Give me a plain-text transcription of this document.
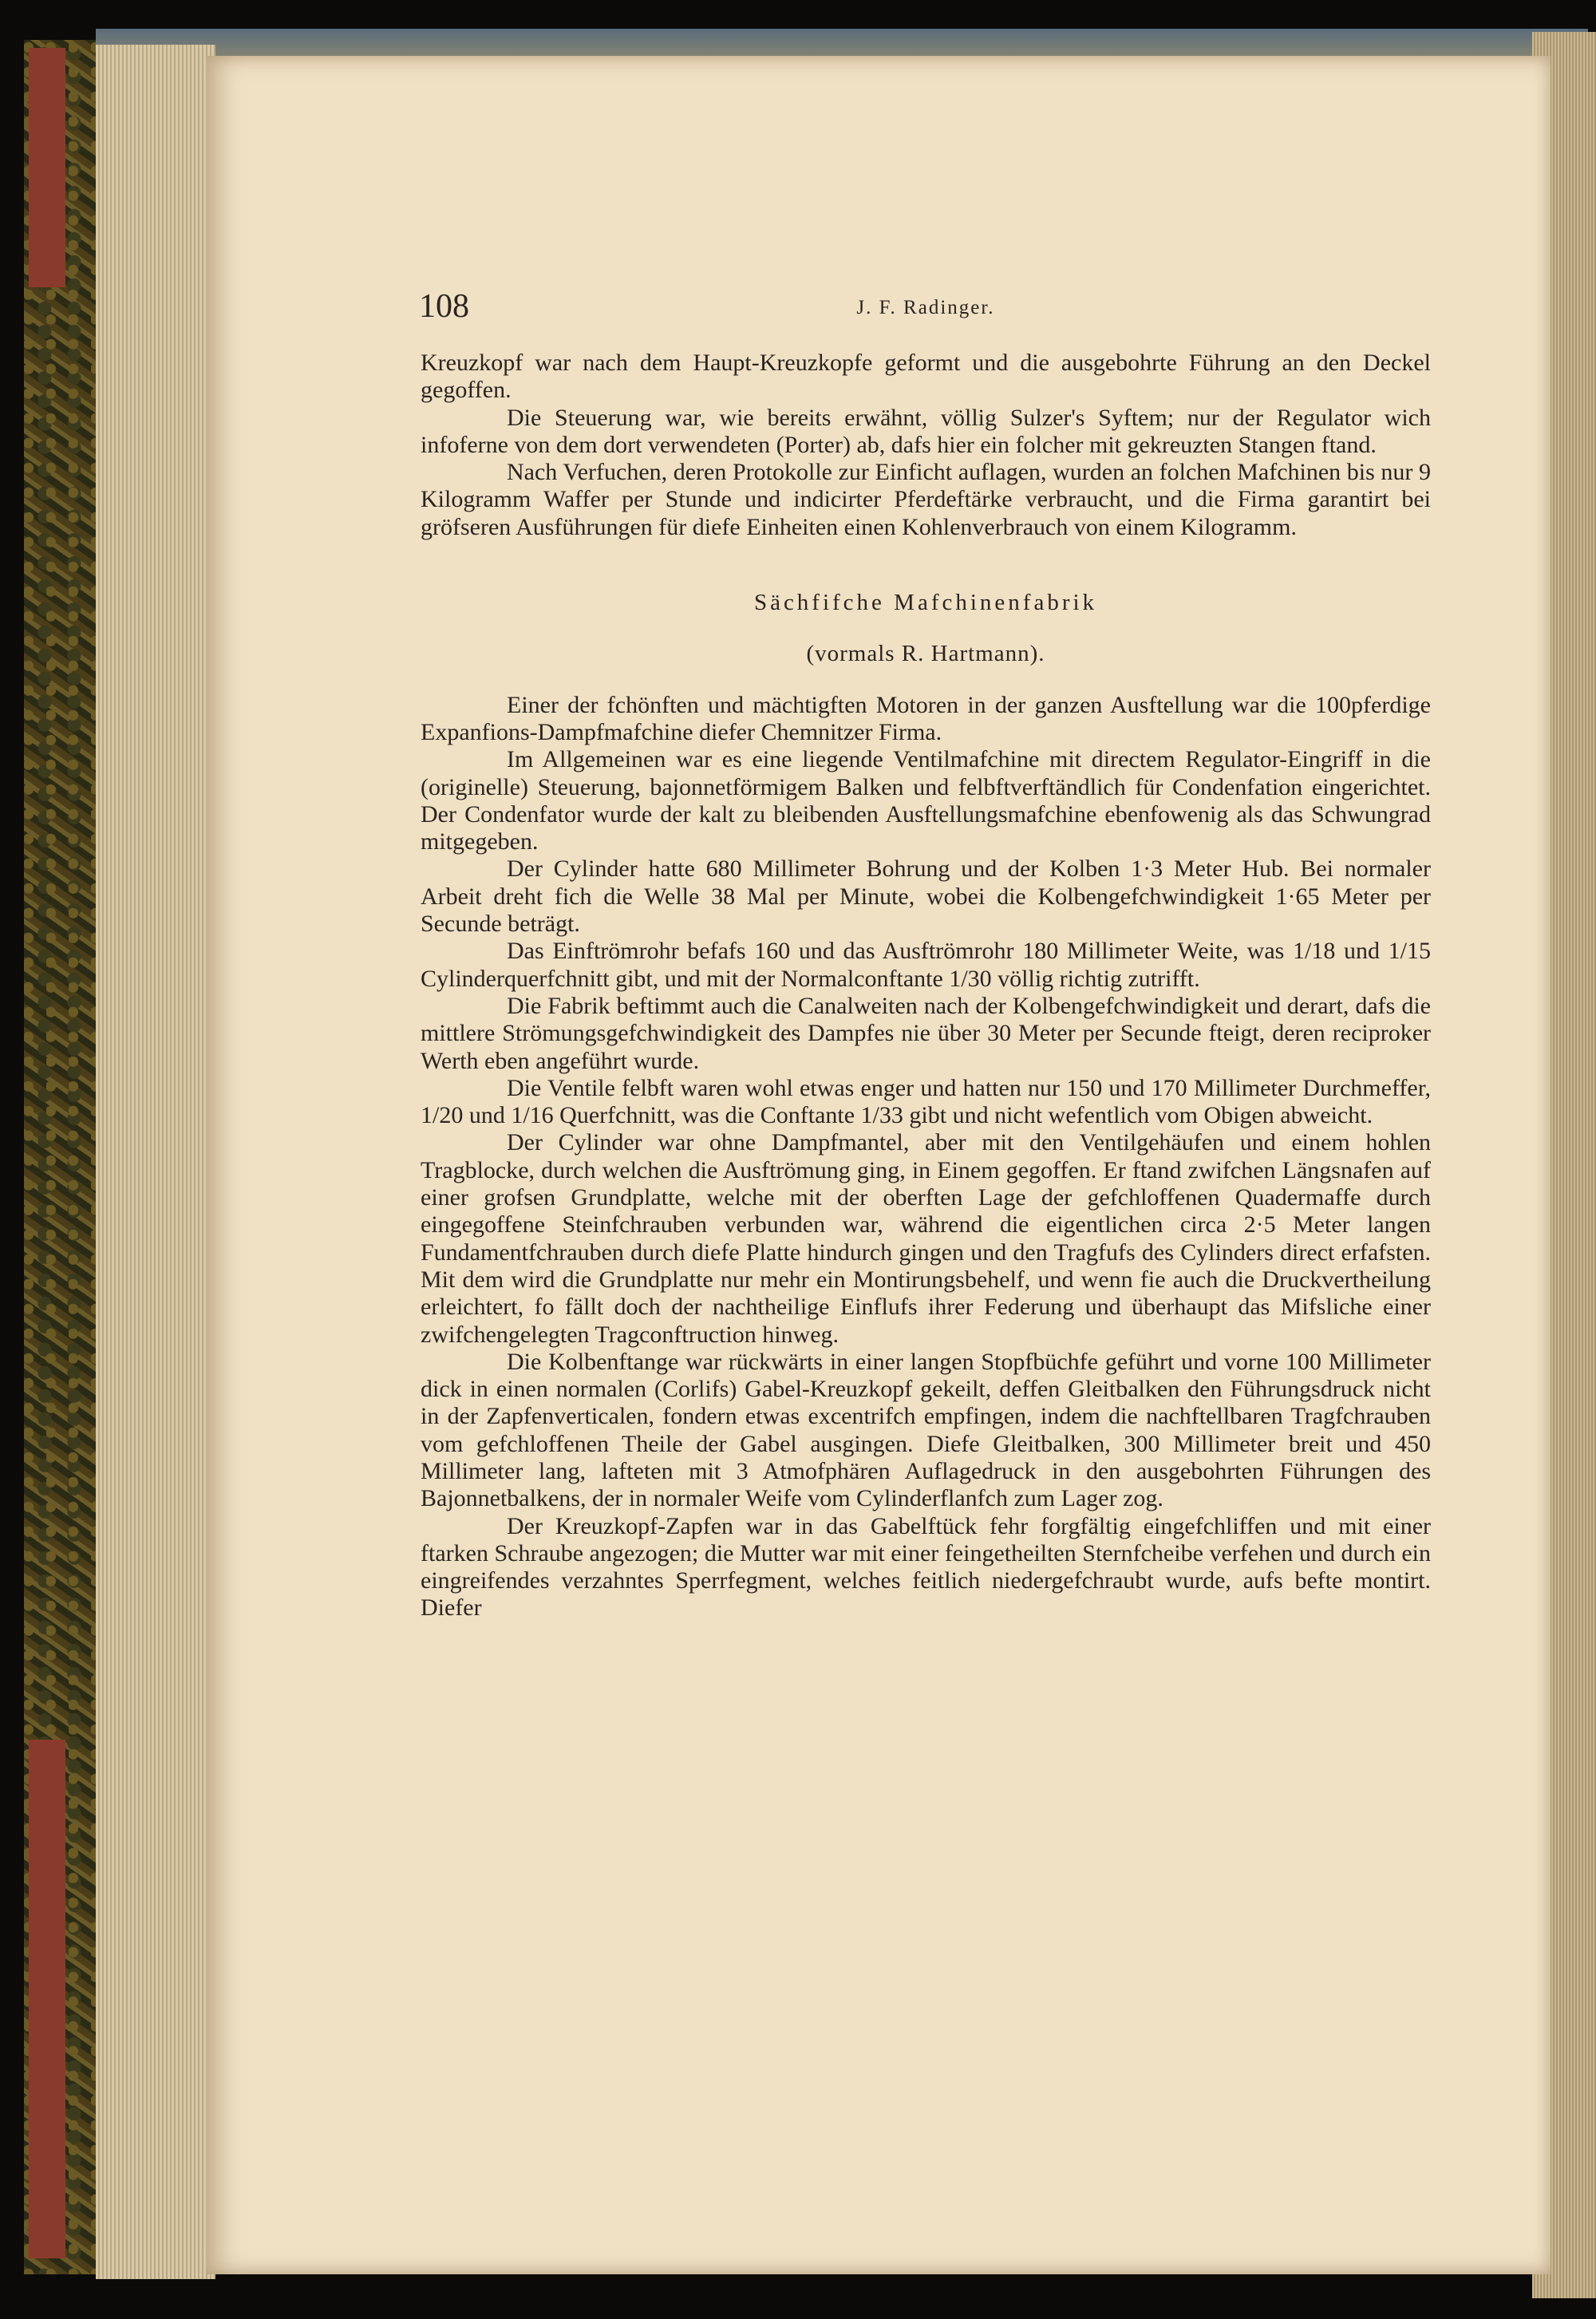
108	J. F. Radinger.

Kreuzkopf war nach dem Haupt-Kreuzkopfe geformt und die ausgebohrte Führung an den Deckel gegoffen.

Die Steuerung war, wie bereits erwähnt, völlig Sulzer's Syftem; nur der Regulator wich infoferne von dem dort verwendeten (Porter) ab, dafs hier ein folcher mit gekreuzten Stangen ftand.

Nach Verfuchen, deren Protokolle zur Einficht auflagen, wurden an folchen Mafchinen bis nur 9 Kilogramm Waffer per Stunde und indicirter Pferdeftärke verbraucht, und die Firma garantirt bei gröfseren Ausführungen für diefe Einheiten einen Kohlenverbrauch von einem Kilogramm.

Sächfifche Mafchinenfabrik

(vormals R. Hartmann).

Einer der fchönften und mächtigften Motoren in der ganzen Ausftellung war die 100pferdige Expanfions-Dampfmafchine diefer Chemnitzer Firma.

Im Allgemeinen war es eine liegende Ventilmafchine mit directem Regulator-Eingriff in die (originelle) Steuerung, bajonnetförmigem Balken und felbftverftändlich für Condenfation eingerichtet. Der Condenfator wurde der kalt zu bleibenden Ausftellungsmafchine ebenfowenig als das Schwungrad mitgegeben.

Der Cylinder hatte 680 Millimeter Bohrung und der Kolben 1·3 Meter Hub. Bei normaler Arbeit dreht fich die Welle 38 Mal per Minute, wobei die Kolbengefchwindigkeit 1·65 Meter per Secunde beträgt.

Das Einftrömrohr befafs 160 und das Ausftrömrohr 180 Millimeter Weite, was 1/18 und 1/15 Cylinderquerfchnitt gibt, und mit der Normalconftante 1/30 völlig richtig zutrifft.

Die Fabrik beftimmt auch die Canalweiten nach der Kolbengefchwindigkeit und derart, dafs die mittlere Strömungsgefchwindigkeit des Dampfes nie über 30 Meter per Secunde fteigt, deren reciproker Werth eben angeführt wurde.

Die Ventile felbft waren wohl etwas enger und hatten nur 150 und 170 Millimeter Durchmeffer, 1/20 und 1/16 Querfchnitt, was die Conftante 1/33 gibt und nicht wefentlich vom Obigen abweicht.

Der Cylinder war ohne Dampfmantel, aber mit den Ventilgehäufen und einem hohlen Tragblocke, durch welchen die Ausftrömung ging, in Einem gegoffen. Er ftand zwifchen Längsnafen auf einer grofsen Grundplatte, welche mit der oberften Lage der gefchloffenen Quadermaffe durch eingegoffene Steinfchrauben verbunden war, während die eigentlichen circa 2·5 Meter langen Fundamentfchrauben durch diefe Platte hindurch gingen und den Tragfufs des Cylinders direct erfafsten. Mit dem wird die Grundplatte nur mehr ein Montirungsbehelf, und wenn fie auch die Druckvertheilung erleichtert, fo fällt doch der nachtheilige Einflufs ihrer Federung und überhaupt das Mifsliche einer zwifchengelegten Tragconftruction hinweg.

Die Kolbenftange war rückwärts in einer langen Stopfbüchfe geführt und vorne 100 Millimeter dick in einen normalen (Corlifs) Gabel-Kreuzkopf gekeilt, deffen Gleitbalken den Führungsdruck nicht in der Zapfenverticalen, fondern etwas excentrifch empfingen, indem die nachftellbaren Tragfchrauben vom gefchloffenen Theile der Gabel ausgingen. Diefe Gleitbalken, 300 Millimeter breit und 450 Millimeter lang, lafteten mit 3 Atmofphären Auflagedruck in den ausgebohrten Führungen des Bajonnetbalkens, der in normaler Weife vom Cylinderflanfch zum Lager zog.

Der Kreuzkopf-Zapfen war in das Gabelftück fehr forgfältig eingefchliffen und mit einer ftarken Schraube angezogen; die Mutter war mit einer feingetheilten Sternfcheibe verfehen und durch ein eingreifendes verzahntes Sperrfegment, welches feitlich niedergefchraubt wurde, aufs befte montirt. Diefer
